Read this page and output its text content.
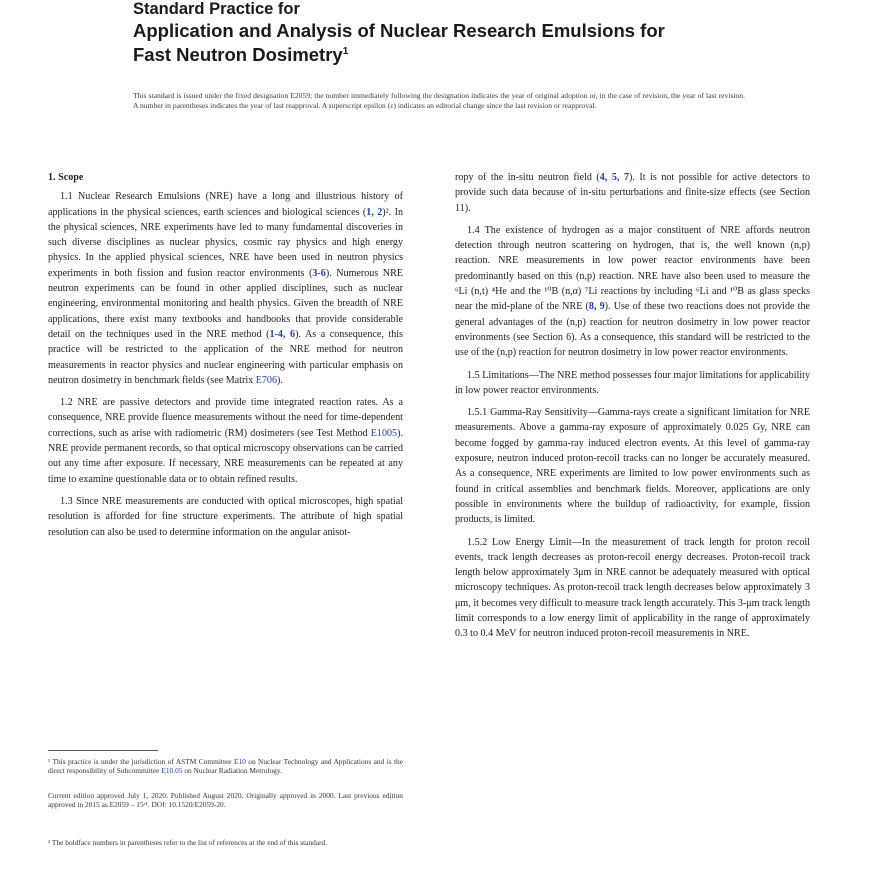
Standard Practice for
Application and Analysis of Nuclear Research Emulsions for
Fast Neutron Dosimetry$^1$
This standard is issued under the fixed designation E2059; the number immediately following the designation indicates the year of original adoption or, in the case of revision, the year of last revision. A number in parentheses indicates the year of last reapproval. A superscript epsilon (ε) indicates an editorial change since the last revision or reapproval.

1. Scope

1.1 Nuclear Research Emulsions (NRE) have a long and illustrious history of applications in the physical sciences, earth sciences and biological sciences (1, 2)². In the physical sciences, NRE experiments have led to many fundamental discoveries in such diverse disciplines as nuclear physics, cosmic ray physics and high energy physics. In the applied physical sciences, NRE have been used in neutron physics experiments in both fission and fusion reactor environments (3-6). Numerous NRE neutron experiments can be found in other applied disciplines, such as nuclear engineering, environmental monitoring and health physics. Given the breadth of NRE applications, there exist many textbooks and handbooks that provide considerable detail on the techniques used in the NRE method (1-4, 6). As a consequence, this practice will be restricted to the application of the NRE method for neutron measurements in reactor physics and nuclear engineering with particular emphasis on neutron dosimetry in benchmark fields (see Matrix E706).

1.2 NRE are passive detectors and provide time integrated reaction rates. As a consequence, NRE provide fluence measurements without the need for time-dependent corrections, such as arise with radiometric (RM) dosimeters (see Test Method E1005). NRE provide permanent records, so that optical microscopy observations can be carried out any time after exposure. If necessary, NRE measurements can be repeated at any time to examine questionable data or to obtain refined results.

1.3 Since NRE measurements are conducted with optical microscopes, high spatial resolution is afforded for fine structure experiments. The attribute of high spatial resolution can also be used to determine information on the angular anisot-

¹ This practice is under the jurisdiction of ASTM Committee E10 on Nuclear Technology and Applications and is the direct responsibility of Subcommittee E10.05 on Nuclear Radiation Metrology.
Current edition approved July 1, 2020. Published August 2020. Originally approved in 2000. Last previous edition approved in 2015 as E2059 – 15ᵉ¹. DOI: 10.1520/E2059-20.
² The boldface numbers in parentheses refer to the list of references at the end of this standard.

ropy of the in-situ neutron field (4, 5, 7). It is not possible for active detectors to provide such data because of in-situ perturbations and finite-size effects (see Section 11).

1.4 The existence of hydrogen as a major constituent of NRE affords neutron detection through neutron scattering on hydrogen, that is, the well known (n,p) reaction. NRE measurements in low power reactor environments have been predominantly based on this (n,p) reaction. NRE have also been used to measure the ⁶Li (n,t) ⁴He and the ¹⁰B (n,α) ⁷Li reactions by including ⁶Li and ¹⁰B as glass specks near the mid-plane of the NRE (8, 9). Use of these two reactions does not provide the general advantages of the (n,p) reaction for neutron dosimetry in low power reactor environments (see Section 6). As a consequence, this standard will be restricted to the use of the (n,p) reaction for neutron dosimetry in low power reactor environments.

1.5 Limitations—The NRE method possesses four major limitations for applicability in low power reactor environments.

1.5.1 Gamma-Ray Sensitivity—Gamma-rays create a significant limitation for NRE measurements. Above a gamma-ray exposure of approximately 0.025 Gy, NRE can become fogged by gamma-ray induced electron events. At this level of gamma-ray exposure, neutron induced proton-recoil tracks can no longer be accurately measured. As a consequence, NRE experiments are limited to low power environments such as found in critical assemblies and benchmark fields. Moreover, applications are only possible in environments where the buildup of radioactivity, for example, fission products, is limited.

1.5.2 Low Energy Limit—In the measurement of track length for proton recoil events, track length decreases as proton-recoil energy decreases. Proton-recoil track length below approximately 3μm in NRE cannot be adequately measured with optical microscopy techniques. As proton-recoil track length decreases below approximately 3 μm, it becomes very difficult to measure track length accurately. This 3-μm track length limit corresponds to a low energy limit of applicability in the range of approximately 0.3 to 0.4 MeV for neutron induced proton-recoil measurements in NRE.
